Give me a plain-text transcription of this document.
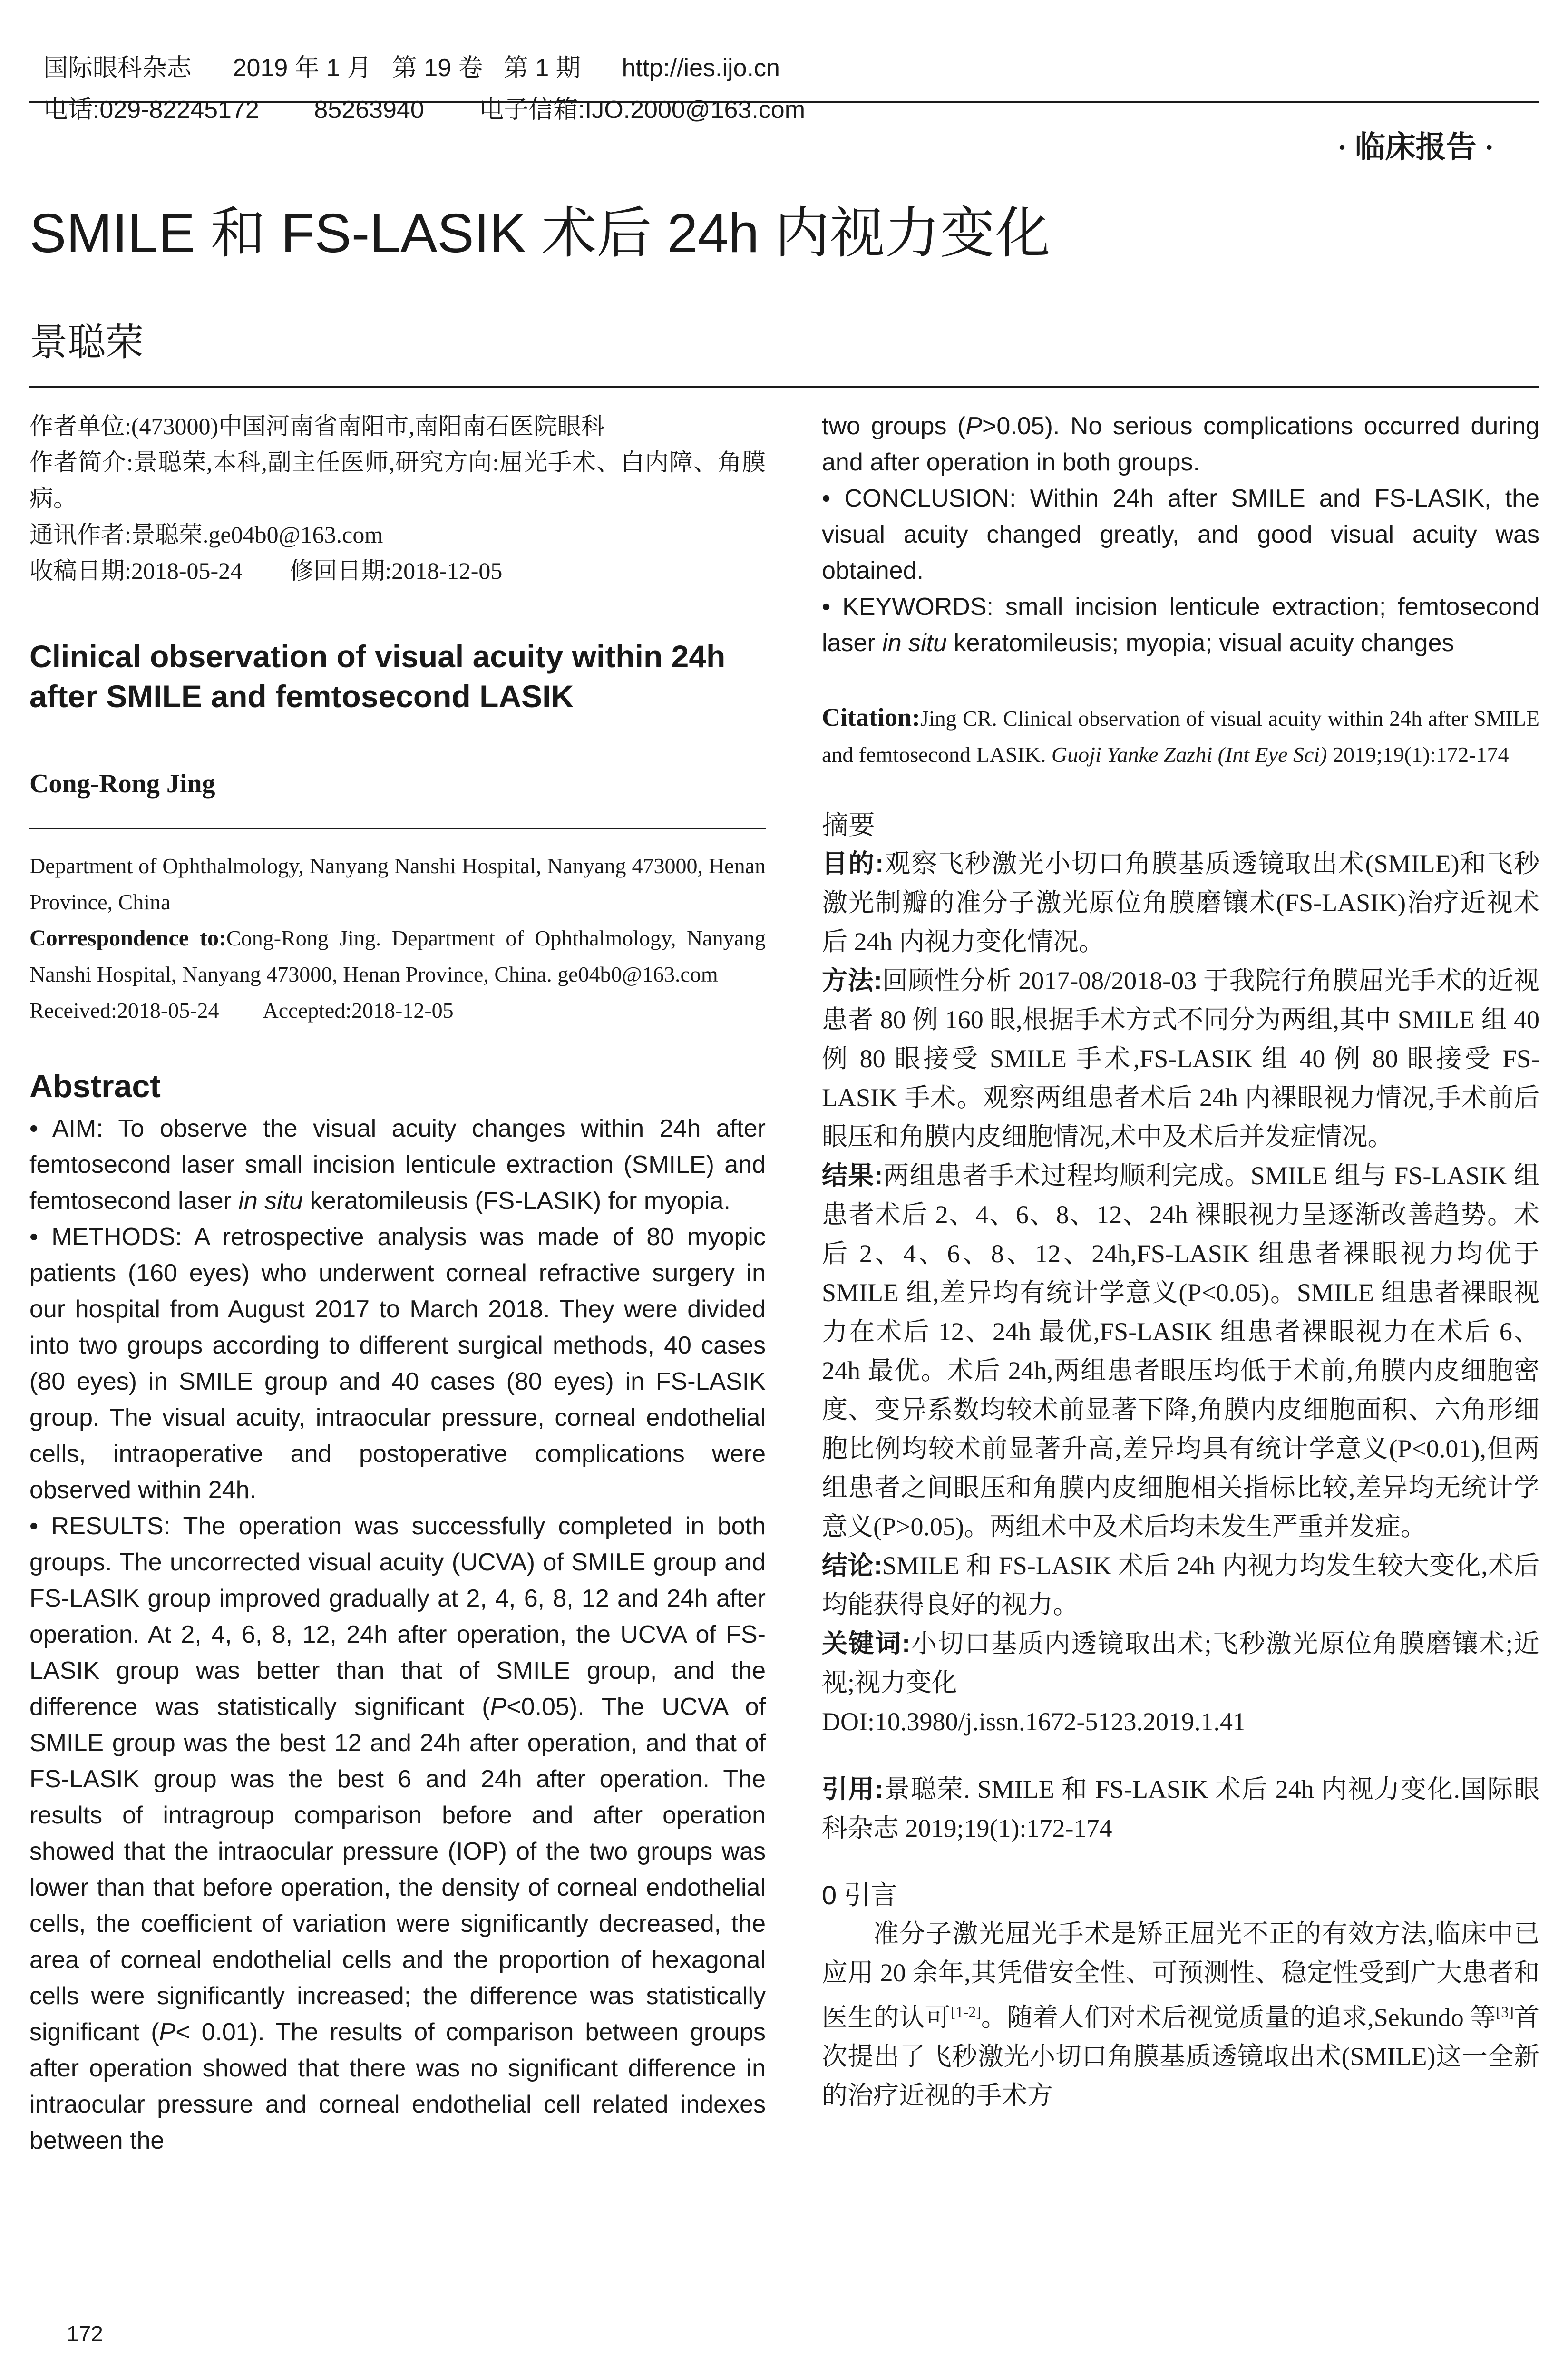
国际眼科杂志 2019 年 1 月   第 19 卷   第 1 期 http://ies.ijo.cn

电话:029-82245172 85263940 电子信箱:IJO.2000@163.com

· 临床报告 ·
SMILE 和 FS-LASIK 术后 24h 内视力变化
景聪荣

作者单位:(473000)中国河南省南阳市,南阳南石医院眼科

作者简介:景聪荣,本科,副主任医师,研究方向:屈光手术、白内障、角膜病。

通讯作者:景聪荣.ge04b0@163.com

收稿日期:2018-05-24 修回日期:2018-12-05

Clinical observation of visual acuity within 24h after SMILE and femtosecond LASIK
Cong-Rong Jing

Department of Ophthalmology, Nanyang Nanshi Hospital, Nanyang 473000, Henan Province, China

Correspondence to:Cong-Rong Jing. Department of Ophthalmology, Nanyang Nanshi Hospital, Nanyang 473000, Henan Province, China. ge04b0@163.com

Received:2018-05-24 Accepted:2018-12-05

Abstract

• AIM: To observe the visual acuity changes within 24h after femtosecond laser small incision lenticule extraction (SMILE) and femtosecond laser in situ keratomileusis (FS-LASIK) for myopia.

• METHODS: A retrospective analysis was made of 80 myopic patients (160 eyes) who underwent corneal refractive surgery in our hospital from August 2017 to March 2018. They were divided into two groups according to different surgical methods, 40 cases (80 eyes) in SMILE group and 40 cases (80 eyes) in FS-LASIK group. The visual acuity, intraocular pressure, corneal endothelial cells, intraoperative and postoperative complications were observed within 24h.

• RESULTS: The operation was successfully completed in both groups. The uncorrected visual acuity (UCVA) of SMILE group and FS-LASIK group improved gradually at 2, 4, 6, 8, 12 and 24h after operation. At 2, 4, 6, 8, 12, 24h after operation, the UCVA of FS-LASIK group was better than that of SMILE group, and the difference was statistically significant (P<0.05). The UCVA of SMILE group was the best 12 and 24h after operation, and that of FS-LASIK group was the best 6 and 24h after operation. The results of intragroup comparison before and after operation showed that the intraocular pressure (IOP) of the two groups was lower than that before operation, the density of corneal endothelial cells, the coefficient of variation were significantly decreased, the area of corneal endothelial cells and the proportion of hexagonal cells were significantly increased; the difference was statistically significant (P< 0.01). The results of comparison between groups after operation showed that there was no significant difference in intraocular pressure and corneal endothelial cell related indexes between the

172

two groups (P>0.05). No serious complications occurred during and after operation in both groups.

• CONCLUSION: Within 24h after SMILE and FS-LASIK, the visual acuity changed greatly, and good visual acuity was obtained.

• KEYWORDS: small incision lenticule extraction; femtosecond laser in situ keratomileusis; myopia; visual acuity changes

Citation:Jing CR. Clinical observation of visual acuity within 24h after SMILE and femtosecond LASIK. Guoji Yanke Zazhi (Int Eye Sci) 2019;19(1):172-174
摘要

目的:观察飞秒激光小切口角膜基质透镜取出术(SMILE)和飞秒激光制瓣的准分子激光原位角膜磨镶术(FS-LASIK)治疗近视术后 24h 内视力变化情况。

方法:回顾性分析 2017-08/2018-03 于我院行角膜屈光手术的近视患者 80 例 160 眼,根据手术方式不同分为两组,其中 SMILE 组 40 例 80 眼接受 SMILE 手术,FS-LASIK 组 40 例 80 眼接受 FS-LASIK 手术。观察两组患者术后 24h 内裸眼视力情况,手术前后眼压和角膜内皮细胞情况,术中及术后并发症情况。

结果:两组患者手术过程均顺利完成。SMILE 组与 FS-LASIK 组患者术后 2、4、6、8、12、24h 裸眼视力呈逐渐改善趋势。术后 2、4、6、8、12、24h,FS-LASIK 组患者裸眼视力均优于 SMILE 组,差异均有统计学意义(P<0.05)。SMILE 组患者裸眼视力在术后 12、24h 最优,FS-LASIK 组患者裸眼视力在术后 6、24h 最优。术后 24h,两组患者眼压均低于术前,角膜内皮细胞密度、变异系数均较术前显著下降,角膜内皮细胞面积、六角形细胞比例均较术前显著升高,差异均具有统计学意义(P<0.01),但两组患者之间眼压和角膜内皮细胞相关指标比较,差异均无统计学意义(P>0.05)。两组术中及术后均未发生严重并发症。

结论:SMILE 和 FS-LASIK 术后 24h 内视力均发生较大变化,术后均能获得良好的视力。

关键词:小切口基质内透镜取出术;飞秒激光原位角膜磨镶术;近视;视力变化

DOI:10.3980/j.issn.1672-5123.2019.1.41

引用:景聪荣. SMILE 和 FS-LASIK 术后 24h 内视力变化.国际眼科杂志 2019;19(1):172-174
0 引言
准分子激光屈光手术是矫正屈光不正的有效方法,临床中已应用 20 余年,其凭借安全性、可预测性、稳定性受到广大患者和医生的认可[1-2]。随着人们对术后视觉质量的追求,Sekundo 等[3]首次提出了飞秒激光小切口角膜基质透镜取出术(SMILE)这一全新的治疗近视的手术方
